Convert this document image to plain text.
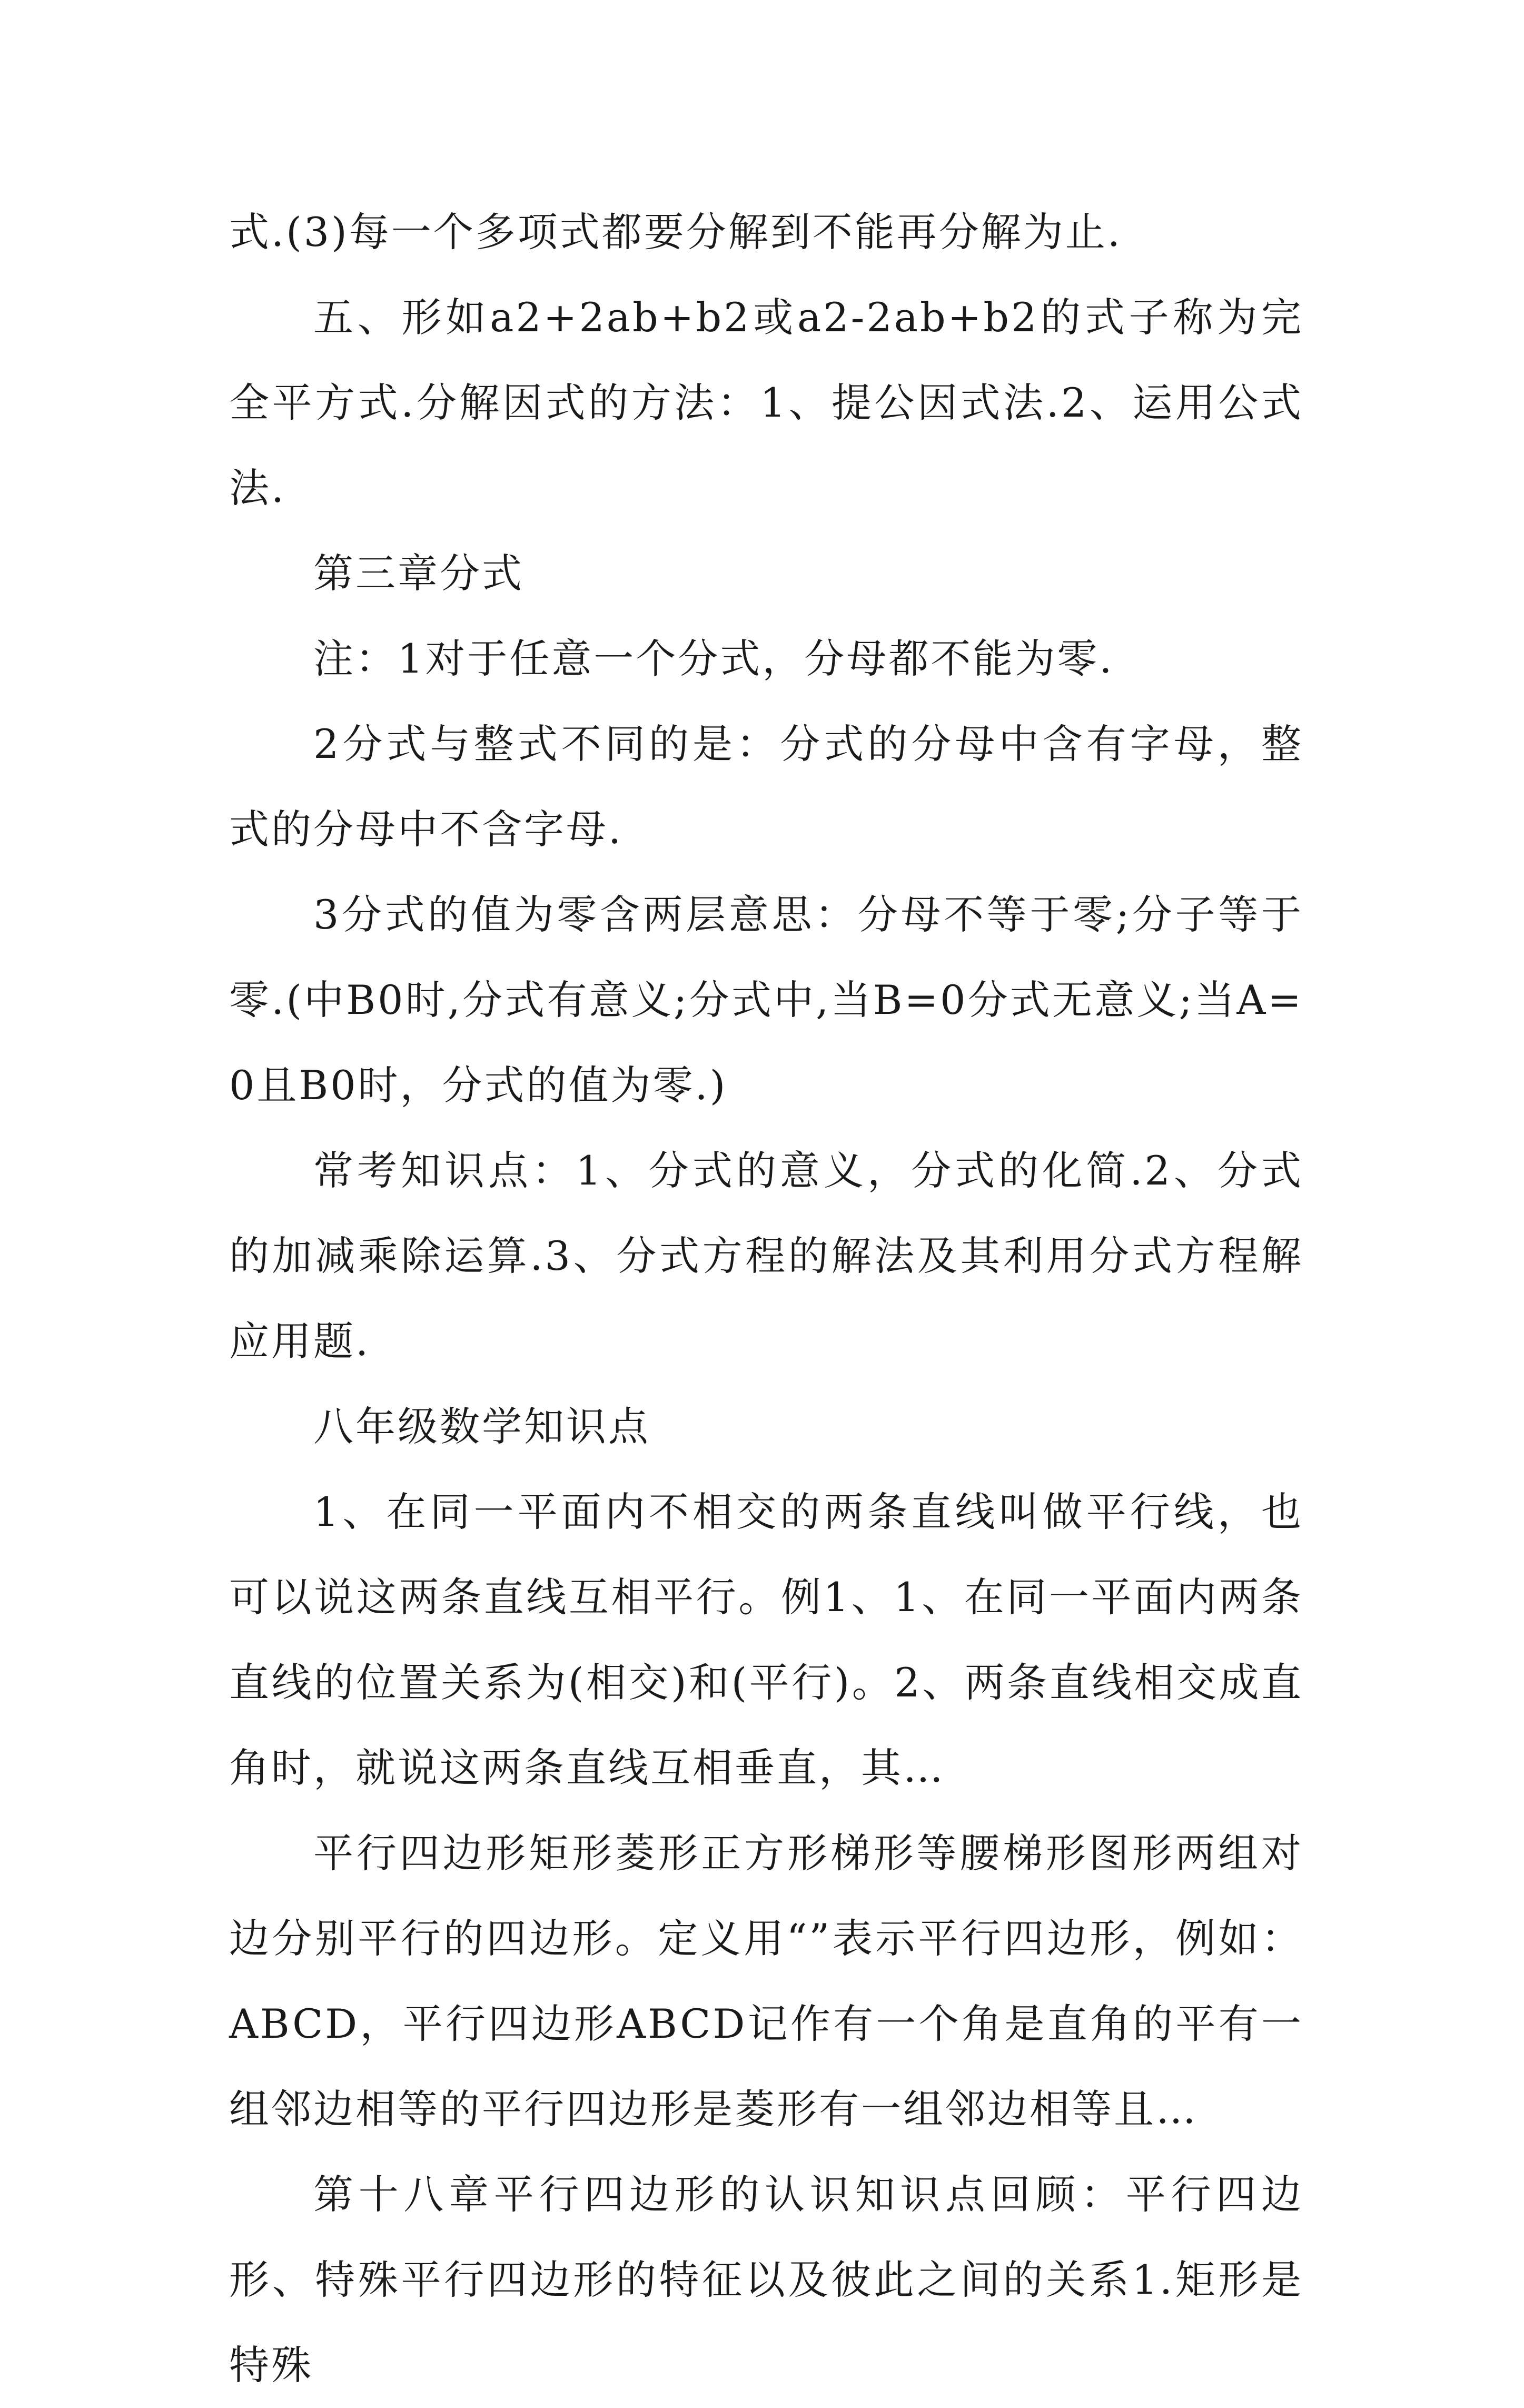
式.(3)每一个多项式都要分解到不能再分解为止.

五、形如a2+2ab+b2或a2-2ab+b2的式子称为完全平方式.分解因式的方法：1、提公因式法.2、运用公式法.

第三章分式

注：1对于任意一个分式，分母都不能为零.

2分式与整式不同的是：分式的分母中含有字母，整式的分母中不含字母.

3分式的值为零含两层意思：分母不等于零;分子等于零.(中B0时,分式有意义;分式中,当B=0分式无意义;当A=0且B0时，分式的值为零.)

常考知识点：1、分式的意义，分式的化简.2、分式的加减乘除运算.3、分式方程的解法及其利用分式方程解应用题.

八年级数学知识点

1、在同一平面内不相交的两条直线叫做平行线，也可以说这两条直线互相平行。例1、1、在同一平面内两条直线的位置关系为(相交)和(平行)。2、两条直线相交成直角时，就说这两条直线互相垂直，其…

平行四边形矩形菱形正方形梯形等腰梯形图形两组对边分别平行的四边形。定义用“”表示平行四边形，例如：ABCD，平行四边形ABCD记作有一个角是直角的平有一组邻边相等的平行四边形是菱形有一组邻边相等且…

第十八章平行四边形的认识知识点回顾：平行四边形、特殊平行四边形的特征以及彼此之间的关系1.矩形是特殊
